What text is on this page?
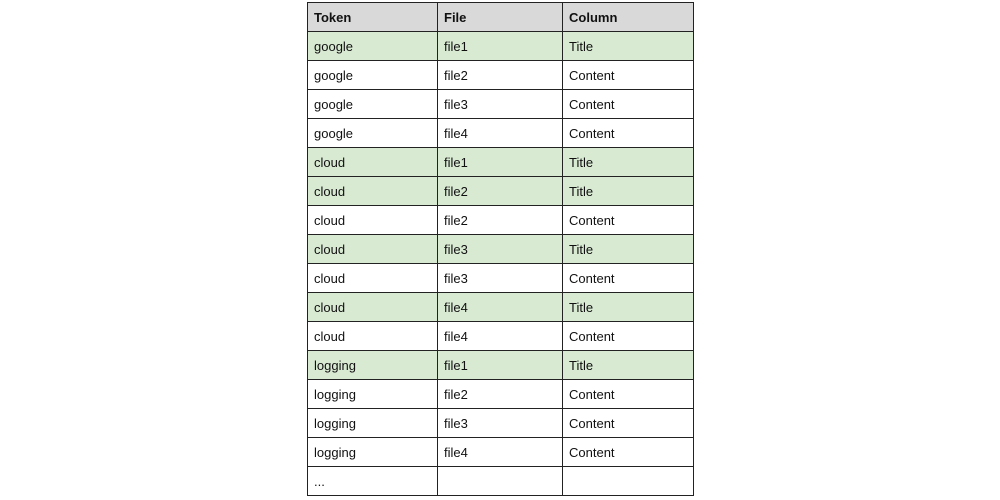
Token	File	Column
google	file1	Title
google	file2	Content
google	file3	Content
google	file4	Content
cloud	file1	Title
cloud	file2	Title
cloud	file2	Content
cloud	file3	Title
cloud	file3	Content
cloud	file4	Title
cloud	file4	Content
logging	file1	Title
logging	file2	Content
logging	file3	Content
logging	file4	Content
...		
